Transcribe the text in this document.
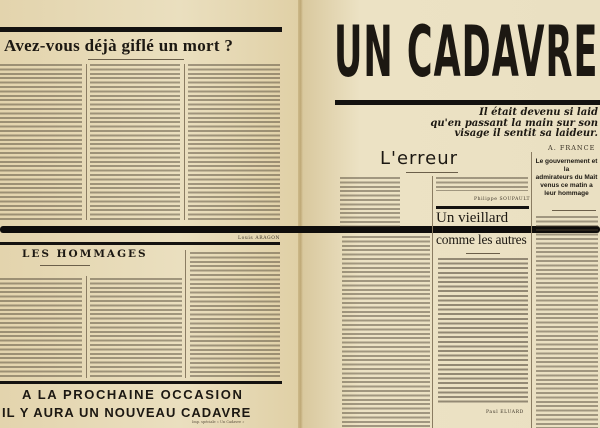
Avez-vous déjà giflé un mort ?
Louis ARAGON
LES HOMMAGES
A LA PROCHAINE OCCASION
IL Y AURA UN NOUVEAU CADAVRE
Imp. spéciale « Un Cadavre »
UN CADAVRE
Il était devenu si laid
qu'en passant la main sur son
visage il sentit sa laideur.
A. FRANCE
L'erreur
Philippe SOUPAULT
Un vieillard
comme les autres
Paul ELUARD
Le gouvernement et la
admirateurs du Maît
venus ce matin a
leur hommage
